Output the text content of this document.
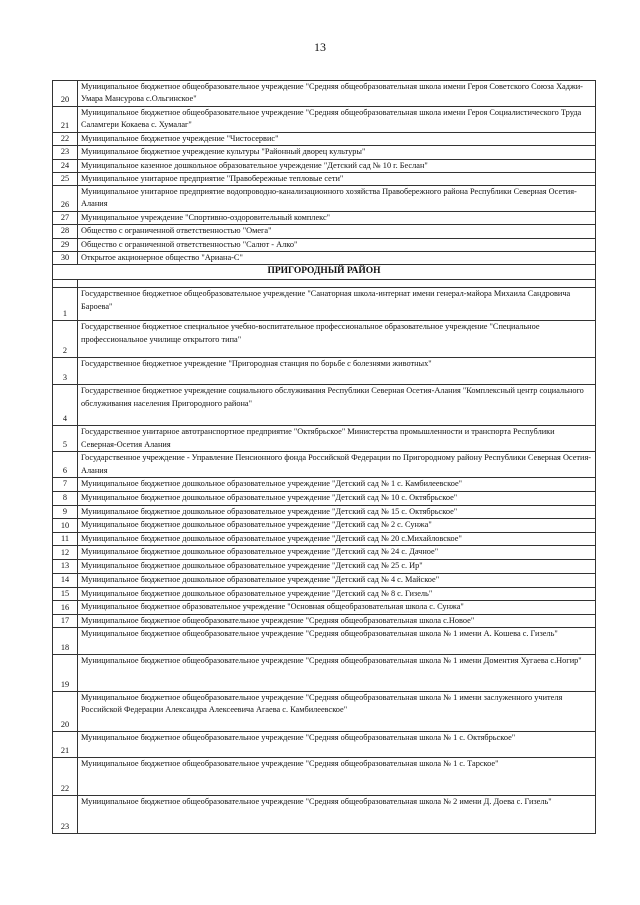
13
20	Муниципальное бюджетное общеобразовательное учреждение "Средняя общеобразовательная школа имени Героя Советского Союза Хаджи-Умара Мансурова с.Ольгинское"
21	Муниципальное бюджетное общеобразовательное учреждение "Средняя общеобразовательная школа имени Героя Социалистического Труда Саламгери Кокаева с. Хумалаг"
22	Муниципальное бюджетное учреждение "Чистосервис"
23	Муниципальное бюджетное учреждение культуры "Районный дворец культуры"
24	Муниципальное казенное дошкольное образовательное учреждение "Детский сад № 10 г. Беслан"
25	Муниципальное унитарное предприятие "Правобережные тепловые сети"
26	Муниципальное унитарное предприятие водопроводно-канализационного хозяйства Правобережного района Республики Северная Осетия-Алания
27	Муниципальное учреждение "Спортивно-оздоровительный комплекс"
28	Общество с ограниченной ответственностью "Омега"
29	Общество с ограниченной ответственностью "Салют - Алко"
30	Открытое акционерное общество "Ариана-С"
ПРИГОРОДНЫЙ РАЙОН	

1	Государственное бюджетное общеобразовательное учреждение "Санаторная школа-интернат имени генерал-майора Михаила Сандровича Бароева"
2	Государственное бюджетное специальное учебно-воспитательное профессиональное образовательное учреждение "Специальное профессиональное училище открытого типа"
3	Государственное бюджетное учреждение "Пригородная станция по борьбе с болезнями животных"
4	Государственное бюджетное учреждение социального обслуживания Республики Северная Осетия-Алания "Комплексный центр социального обслуживания населения Пригородного района"
5	Государственное унитарное автотранспортное предприятие "Октябрьское" Министерства промышленности и транспорта Республики Северная-Осетия Алания
6	Государственное учреждение - Управление Пенсионного фонда Российской Федерации по Пригородному району Республики Северная Осетия-Алания
7	Муниципальное бюджетное дошкольное образовательное учреждение "Детский сад № 1 с. Камбилеевское"
8	Муниципальное бюджетное дошкольное образовательное учреждение "Детский сад № 10 с. Октябрьское"
9	Муниципальное бюджетное дошкольное образовательное учреждение "Детский сад № 15 с. Октябрьское"
10	Муниципальное бюджетное дошкольное образовательное учреждение "Детский сад № 2 с. Сунжа"
11	Муниципальное бюджетное дошкольное образовательное учреждение "Детский сад № 20 с.Михайловское"
12	Муниципальное бюджетное дошкольное образовательное учреждение "Детский сад № 24 с. Дачное"
13	Муниципальное бюджетное дошкольное образовательное учреждение "Детский сад № 25 с. Ир"
14	Муниципальное бюджетное дошкольное образовательное учреждение "Детский сад № 4 с. Майское"
15	Муниципальное бюджетное дошкольное образовательное учреждение "Детский сад № 8 с. Гизель"
16	Муниципальное бюджетное образовательное учреждение "Основная общеобразовательная школа с. Сунжа"
17	Муниципальное бюджетное общеобразовательное учреждение "Средняя общеобразовательная школа с.Новое"
18	Муниципальное бюджетное общеобразовательное учреждение "Средняя общеобразовательная школа № 1 имени А. Кошева с. Гизель"
19	Муниципальное бюджетное общеобразовательное учреждение "Средняя общеобразовательная школа № 1 имени Доментия Хугаева с.Ногир"
20	Муниципальное бюджетное общеобразовательное учреждение "Средняя общеобразовательная школа № 1 имени заслуженного учителя Российской Федерации Александра Алексеевича Агаева с. Камбилеевское"
21	Муниципальное бюджетное общеобразовательное учреждение "Средняя общеобразовательная школа № 1 с. Октябрьское"
22	Муниципальное бюджетное общеобразовательное учреждение "Средняя общеобразовательная школа № 1 с. Тарское"
23	Муниципальное бюджетное общеобразовательное учреждение "Средняя общеобразовательная школа № 2 имени Д. Доева с. Гизель"
